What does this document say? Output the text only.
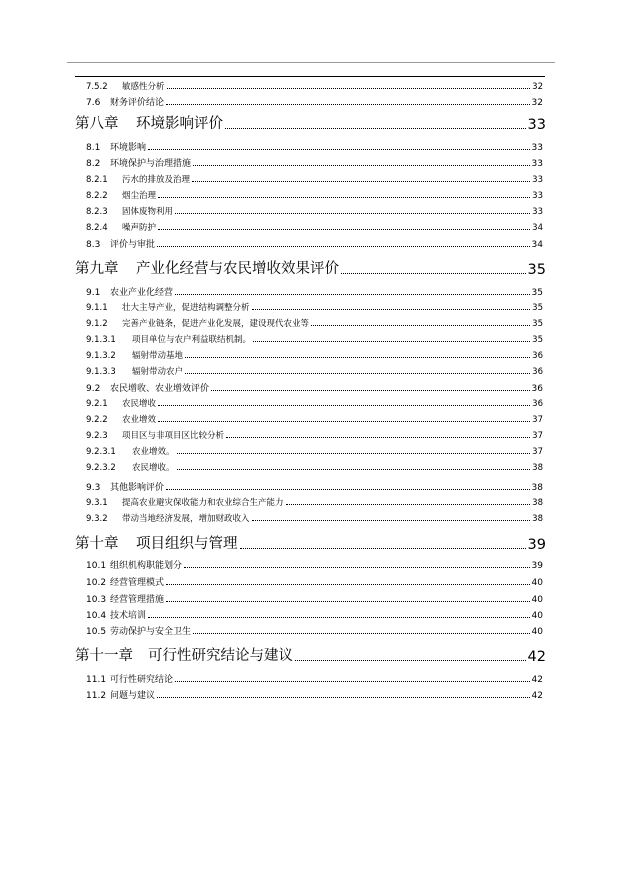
7.5.2 敏感性分析	32
7.6 财务评价结论	32
第八章 环境影响评价	33
8.1 环境影响	33
8.2 环境保护与治理措施	33
8.2.1 污水的排放及治理	33
8.2.2 烟尘治理	33
8.2.3 固体废物利用	33
8.2.4 噪声防护	34
8.3 评价与审批	34
第九章 产业化经营与农民增收效果评价	35
9.1 农业产业化经营	35
9.1.1 壮大主导产业，促进结构调整分析	35
9.1.2 完善产业链条，促进产业化发展，建设现代农业等	35
9.1.3.1 项目单位与农户利益联结机制。	35
9.1.3.2 辐射带动基地	36
9.1.3.3 辐射带动农户	36
9.2 农民增收、农业增效评价	36
9.2.1 农民增收	36
9.2.2 农业增效	37
9.2.3 项目区与非项目区比较分析	37
9.2.3.1 农业增效。	37
9.2.3.2 农民增收。	38
9.3 其他影响评价	38
9.3.1 提高农业避灾保收能力和农业综合生产能力	38
9.3.2 带动当地经济发展，增加财政收入	38
第十章 项目组织与管理	39
10.1 组织机构职能划分	39
10.2 经营管理模式	40
10.3 经营管理措施	40
10.4 技术培训	40
10.5 劳动保护与安全卫生	40
第十一章 可行性研究结论与建议	42
11.1 可行性研究结论	42
11.2 问题与建议	42
